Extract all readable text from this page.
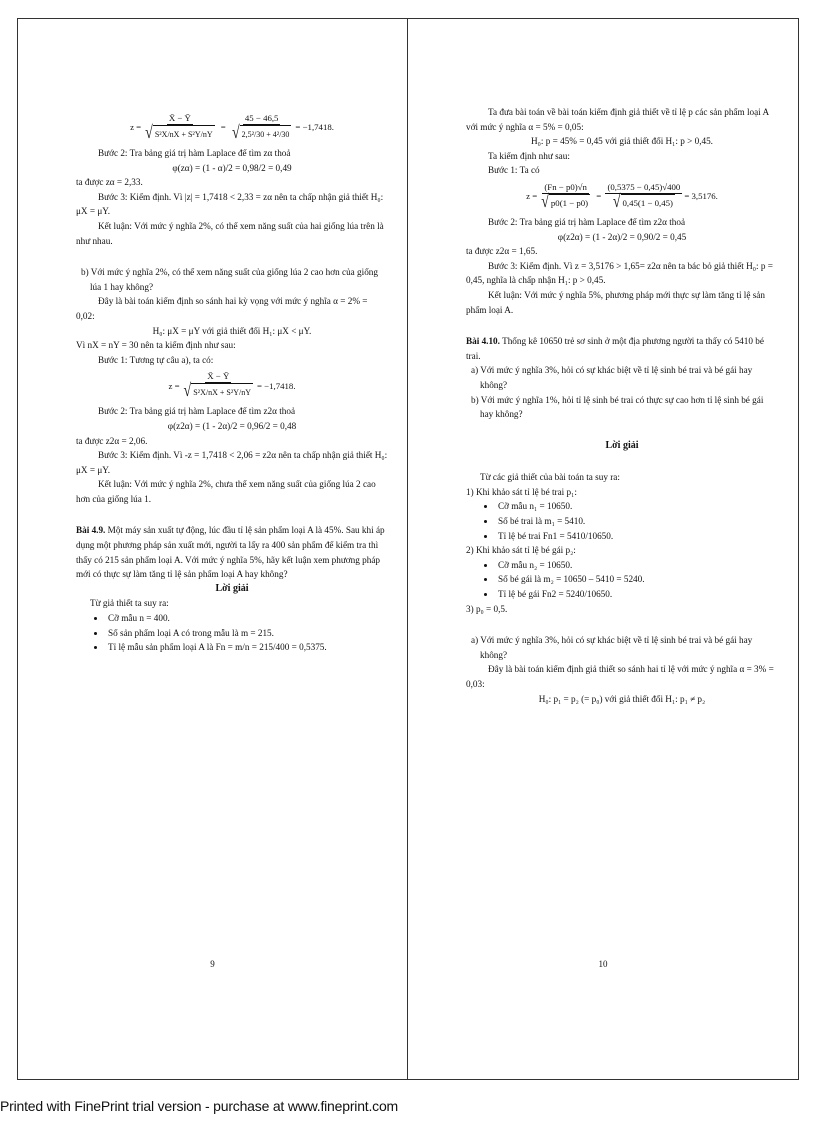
$z = \frac{X̄ - Ȳ}{\text{√ S²X/nX + S²Y/nY}} = \frac{45 - 46,5}{\text{√ 2,5²/30 + 4²/30}} = -1,7418$.

Bước 2: Tra bảng giá trị hàm Laplace để tìm zα thoả

φ(zα) = (1 - α)/2 = 0,98/2 = 0,49

ta được zα = 2,33.

Bước 3: Kiểm định. Vì |z| = 1,7418 < 2,33 = zα nên ta chấp nhận giả thiết H₀: μX = μY.

Kết luận: Với mức ý nghĩa 2%, có thể xem năng suất của hai giống lúa trên là như nhau.

b) Với mức ý nghĩa 2%, có thể xem năng suất của giống lúa 2 cao hơn của giống lúa 1 hay không?

Đây là bài toán kiểm định so sánh hai kỳ vọng với mức ý nghĩa α = 2% = 0,02:

H₀: μX = μY với giả thiết đối H₁: μX < μY.

Vì nX = nY = 30 nên ta kiểm định như sau:

Bước 1: Tương tự câu a), ta có:

$z = \frac{X̄ - Ȳ}{\text{√ S²X/nX + S²Y/nY}} = -1,7418$.

Bước 2: Tra bảng giá trị hàm Laplace để tìm z2α thoả

φ(z2α) = (1 - 2α)/2 = 0,96/2 = 0,48

ta được z2α = 2,06.

Bước 3: Kiểm định. Vì -z = 1,7418 < 2,06 = z2α nên ta chấp nhận giả thiết H₀: μX = μY.

Kết luận: Với mức ý nghĩa 2%, chưa thể xem năng suất của giống lúa 2 cao hơn của giống lúa 1.

Bài 4.9. Một máy sản xuất tự động, lúc đầu tỉ lệ sản phẩm loại A là 45%. Sau khi áp dụng một phương pháp sản xuất mới, người ta lấy ra 400 sản phẩm để kiểm tra thì thấy có 215 sản phẩm loại A. Với mức ý nghĩa 5%, hãy kết luận xem phương pháp mới có thực sự làm tăng tỉ lệ sản phẩm loại A hay không?

Lời giải

Từ giả thiết ta suy ra:

• Cỡ mẫu n = 400.
• Số sản phẩm loại A có trong mẫu là m = 215.
• Tỉ lệ mẫu sản phẩm loại A là Fn = m/n = 215/400 = 0,5375.
9

Ta đưa bài toán về bài toán kiểm định giả thiết về tỉ lệ p các sản phẩm loại A với mức ý nghĩa α = 5% = 0,05:

H₀: p = 45% = 0,45 với giả thiết đối H₁: p > 0,45.

Ta kiểm định như sau:

Bước 1: Ta có

$z = \frac{(Fn - p0)√n}{√ p0(1 - p0)} = \frac{(0,5375 - 0,45)√400}{√ 0,45(1 - 0,45)} = 3,5176$.

Bước 2: Tra bảng giá trị hàm Laplace để tìm z2α thoả

φ(z2α) = (1 - 2α)/2 = 0,90/2 = 0,45

ta được z2α = 1,65.

Bước 3: Kiểm định. Vì z = 3,5176 > 1,65= z2α nên ta bác bỏ giả thiết H₀: p = 0,45, nghĩa là chấp nhận H₁: p > 0,45.

Kết luận: Với mức ý nghĩa 5%, phương pháp mới thực sự làm tăng tỉ lệ sản phẩm loại A.

Bài 4.10. Thống kê 10650 trẻ sơ sinh ở một địa phương người ta thấy có 5410 bé trai.

a) Với mức ý nghĩa 3%, hỏi có sự khác biệt về tỉ lệ sinh bé trai và bé gái hay không?

b) Với mức ý nghĩa 1%, hỏi tỉ lệ sinh bé trai có thực sự cao hơn tỉ lệ sinh bé gái hay không?

Lời giải

Từ các giả thiết của bài toán ta suy ra:

1) Khi khảo sát tỉ lệ bé trai p₁:

• Cỡ mẫu n₁ = 10650.
• Số bé trai là m₁ = 5410.
• Tỉ lệ bé trai Fn1 = 5410/10650.

2) Khi khảo sát tỉ lệ bé gái p₂:

• Cỡ mẫu n₂ = 10650.
• Số bé gái là m₂ = 10650 – 5410 = 5240.
• Tỉ lệ bé gái Fn2 = 5240/10650.

3) p₀ = 0,5.

a) Với mức ý nghĩa 3%, hỏi có sự khác biệt về tỉ lệ sinh bé trai và bé gái hay không?

Đây là bài toán kiểm định giả thiết so sánh hai tỉ lệ với mức ý nghĩa α = 3% = 0,03:

H₀: p₁ = p₂ (= p₀) với giả thiết đối H₁: p₁ ≠ p₂

10
Printed with FinePrint trial version - purchase at www.fineprint.com
